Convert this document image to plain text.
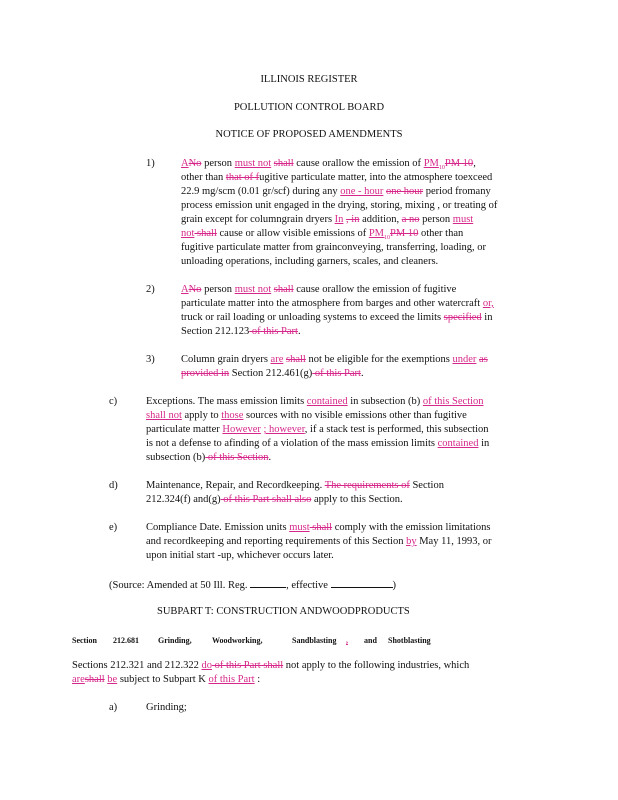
ILLINOIS REGISTER
POLLUTION CONTROL BOARD
NOTICE OF PROPOSED AMENDMENTS
1)	ANo person must not shall cause orallow the emission of $PM_{10}PM$ 10,
other than that of fugitive particulate matter, into the atmosphere toexceed
22.9 mg/scm (0.01 gr/scf) during any one - hour one hour period fromany
process emission unit engaged in the drying, storing, mixing , or treating of
grain except for columngrain dryers In , in addition, a no person must
not shall cause or allow visible emissions of $PM_{10}PM$ 10 other than
fugitive particulate matter from grainconveying, transferring, loading, or
unloading operations, including garners, scales, and cleaners.
2)	ANo person must not shall cause orallow the emission of fugitive
particulate matter into the atmosphere from barges and other watercraft or,
truck or rail loading or unloading systems to exceed the limits specified in
Section 212.123 of this Part.
3)	Column grain dryers are shall not be eligible for the exemptions under as
provided in Section 212.461(g) of this Part.
c)	Exceptions. The mass emission limits contained in subsection (b) of this Section
shall not apply to those sources with no visible emissions other than fugitive
particulate matter However ; however, if a stack test is performed, this subsection
is not a defense to afinding of a violation of the mass emission limits contained in
subsection (b) of this Section.
d)	Maintenance, Repair, and Recordkeeping. The requirements of Section
212.324(f) and(g) of this Part shall also apply to this Section.
e)	Compliance Date. Emission units must shall comply with the emission limitations
and recordkeeping and reporting requirements of this Section by May 11, 1993, or
upon initial start -up, whichever occurs later.
(Source: Amended at 50 Ill. Reg.	, effective	)
SUBPART T: CONSTRUCTION ANDWOODPRODUCTS
Section 212.681 Grinding,	Woodworking,	Sandblasting ,	and Shotblasting
Sections 212.321 and 212.322 do of this Part shall not apply to the following industries, which
areshall be subject to Subpart K of this Part :
a)	Grinding;
